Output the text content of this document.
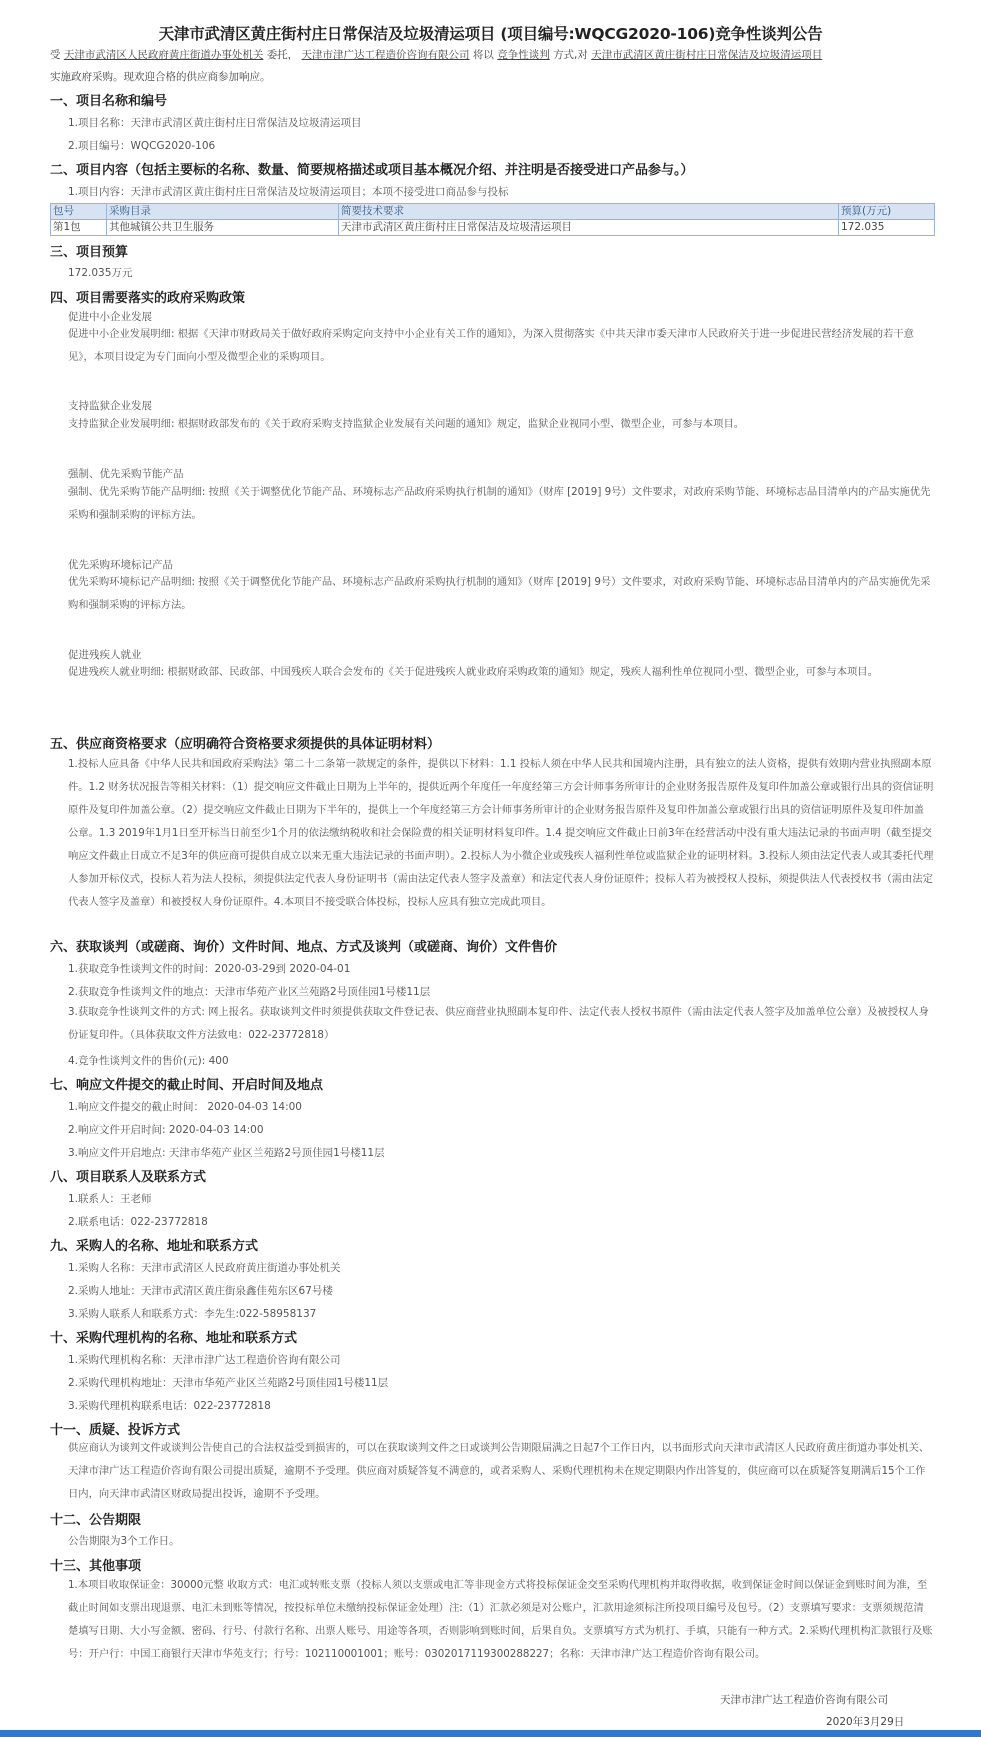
天津市武清区黄庄街村庄日常保洁及垃圾清运项目 (项目编号:WQCG2020-106)竞争性谈判公告
受 天津市武清区人民政府黄庄街道办事处机关 委托， 天津市津广达工程造价咨询有限公司 将以 竞争性谈判 方式,对 天津市武清区黄庄街村庄日常保洁及垃圾清运项目
实施政府采购。现欢迎合格的供应商参加响应。
一、项目名称和编号
1.项目名称：天津市武清区黄庄街村庄日常保洁及垃圾清运项目
2.项目编号：WQCG2020-106
二、项目内容（包括主要标的名称、数量、简要规格描述或项目基本概况介绍、并注明是否接受进口产品参与。）
1.项目内容：天津市武清区黄庄街村庄日常保洁及垃圾清运项目；本项不接受进口商品参与投标
包号	采购目录	简要技术要求	预算(万元)
第1包	其他城镇公共卫生服务	天津市武清区黄庄街村庄日常保洁及垃圾清运项目	172.035
三、项目预算
172.035万元
四、项目需要落实的政府采购政策
促进中小企业发展
促进中小企业发展明细: 根据《天津市财政局关于做好政府采购定向支持中小企业有关工作的通知》，为深入贯彻落实《中共天津市委天津市人民政府关于进一步促进民营经济发展的若干意见》，本项目设定为专门面向小型及微型企业的采购项目。
支持监狱企业发展
支持监狱企业发展明细: 根据财政部发布的《关于政府采购支持监狱企业发展有关问题的通知》规定，监狱企业视同小型、微型企业，可参与本项目。
强制、优先采购节能产品
强制、优先采购节能产品明细: 按照《关于调整优化节能产品、环境标志产品政府采购执行机制的通知》（财库 [2019] 9号）文件要求，对政府采购节能、环境标志品目清单内的产品实施优先采购和强制采购的评标方法。
优先采购环境标记产品
优先采购环境标记产品明细: 按照《关于调整优化节能产品、环境标志产品政府采购执行机制的通知》（财库 [2019] 9号）文件要求，对政府采购节能、环境标志品目清单内的产品实施优先采购和强制采购的评标方法。
促进残疾人就业
促进残疾人就业明细: 根据财政部、民政部、中国残疾人联合会发布的《关于促进残疾人就业政府采购政策的通知》规定，残疾人福利性单位视同小型、微型企业，可参与本项目。
五、供应商资格要求（应明确符合资格要求须提供的具体证明材料）
1.投标人应具备《中华人民共和国政府采购法》第二十二条第一款规定的条件，提供以下材料：1.1 投标人须在中华人民共和国境内注册，具有独立的法人资格，提供有效期内营业执照副本原件。1.2 财务状况报告等相关材料：（1）提交响应文件截止日期为上半年的，提供近两个年度任一年度经第三方会计师事务所审计的企业财务报告原件及复印件加盖公章或银行出具的资信证明原件及复印件加盖公章。（2）提交响应文件截止日期为下半年的，提供上一个年度经第三方会计师事务所审计的企业财务报告原件及复印件加盖公章或银行出具的资信证明原件及复印件加盖公章。1.3 2019年1月1日至开标当日前至少1个月的依法缴纳税收和社会保险费的相关证明材料复印件。1.4 提交响应文件截止日前3年在经营活动中没有重大违法记录的书面声明（截至提交响应文件截止日成立不足3年的供应商可提供自成立以来无重大违法记录的书面声明）。2.投标人为小微企业或残疾人福利性单位或监狱企业的证明材料。3.投标人须由法定代表人或其委托代理人参加开标仪式，投标人若为法人投标，须提供法定代表人身份证明书（需由法定代表人签字及盖章）和法定代表人身份证原件；投标人若为被授权人投标，须提供法人代表授权书（需由法定代表人签字及盖章）和被授权人身份证原件。4.本项目不接受联合体投标，投标人应具有独立完成此项目。
六、获取谈判（或磋商、询价）文件时间、地点、方式及谈判（或磋商、询价）文件售价
1.获取竞争性谈判文件的时间：2020-03-29到 2020-04-01
2.获取竞争性谈判文件的地点：天津市华苑产业区兰苑路2号顶佳园1号楼11层
3.获取竞争性谈判文件的方式: 网上报名。获取谈判文件时须提供获取文件登记表、供应商营业执照副本复印件、法定代表人授权书原件（需由法定代表人签字及加盖单位公章）及被授权人身份证复印件。（具体获取文件方法致电：022-23772818）
4.竞争性谈判文件的售价(元): 400
七、响应文件提交的截止时间、开启时间及地点
1.响应文件提交的截止时间： 2020-04-03 14:00
2.响应文件开启时间: 2020-04-03 14:00
3.响应文件开启地点: 天津市华苑产业区兰苑路2号顶佳园1号楼11层
八、项目联系人及联系方式
1.联系人：王老师
2.联系电话：022-23772818
九、采购人的名称、地址和联系方式
1.采购人名称：天津市武清区人民政府黄庄街道办事处机关
2.采购人地址：天津市武清区黄庄街泉鑫佳苑东区67号楼
3.采购人联系人和联系方式：李先生:022-58958137
十、采购代理机构的名称、地址和联系方式
1.采购代理机构名称：天津市津广达工程造价咨询有限公司
2.采购代理机构地址：天津市华苑产业区兰苑路2号顶佳园1号楼11层
3.采购代理机构联系电话：022-23772818
十一、质疑、投诉方式
供应商认为谈判文件或谈判公告使自己的合法权益受到损害的，可以在获取谈判文件之日或谈判公告期限届满之日起7个工作日内，以书面形式向天津市武清区人民政府黄庄街道办事处机关、天津市津广达工程造价咨询有限公司提出质疑，逾期不予受理。供应商对质疑答复不满意的，或者采购人、采购代理机构未在规定期限内作出答复的，供应商可以在质疑答复期满后15个工作日内，向天津市武清区财政局提出投诉，逾期不予受理。
十二、公告期限
公告期限为3个工作日。
十三、其他事项
1.本项目收取保证金：30000元整 收取方式：电汇或转账支票（投标人须以支票或电汇等非现金方式将投标保证金交至采购代理机构并取得收据，收到保证金时间以保证金到账时间为准，至截止时间如支票出现退票、电汇未到账等情况，按投标单位未缴纳投标保证金处理）注:（1）汇款必须是对公账户，汇款用途须标注所投项目编号及包号。（2）支票填写要求：支票须规范清楚填写日期、大小写金额、密码、行号、付款行名称、出票人账号、用途等各项，否则影响到账时间，后果自负。支票填写方式为机打、手填，只能有一种方式。2.采购代理机构汇款银行及账号：开户行：中国工商银行天津市华苑支行；行号：102110001001；账号：0302017119300288227；名称：天津市津广达工程造价咨询有限公司。
天津市津广达工程造价咨询有限公司
2020年3月29日
